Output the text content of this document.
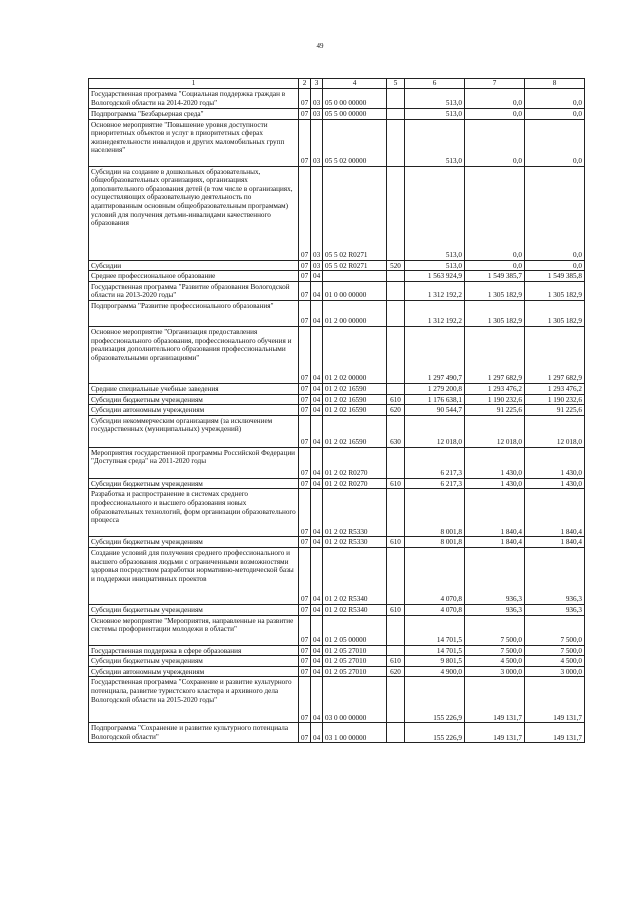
49
1	2	3	4	5	6	7	8
Государственная программа "Социальная поддержка граждан в Вологодской области на 2014-2020 годы"	07	03	05 0 00 00000		513,0	0,0	0,0
Подпрограмма "Безбарьерная среда"	07	03	05 5 00 00000		513,0	0,0	0,0
Основное мероприятие "Повышение уровня доступности приоритетных объектов и услуг в приоритетных сферах жизнедеятельности инвалидов и других маломобильных групп населения"	07	03	05 5 02 00000		513,0	0,0	0,0
Субсидии на создание в дошкольных образовательных, общеобразовательных организациях, организациях дополнительного образования детей (в том числе в организациях, осуществляющих образовательную деятельность по адаптированным основным общеобразовательным программам) условий для получения детьми-инвалидами качественного образования	07	03	05 5 02 R0271		513,0	0,0	0,0
Субсидии	07	03	05 5 02 R0271	520	513,0	0,0	0,0
Среднее профессиональное образование	07	04			1 563 924,9	1 549 385,7	1 549 385,8
Государственная программа "Развитие образования Вологодской области на 2013-2020 годы"	07	04	01 0 00 00000		1 312 192,2	1 305 182,9	1 305 182,9
Подпрограмма "Развитие профессионального образования"	07	04	01 2 00 00000		1 312 192,2	1 305 182,9	1 305 182,9
Основное мероприятие "Организация предоставления профессионального образования, профессионального обучения и реализация дополнительного образования профессиональными образовательными организациями"	07	04	01 2 02 00000		1 297 490,7	1 297 682,9	1 297 682,9
Средние специальные учебные заведения	07	04	01 2 02 16590		1 279 200,8	1 293 476,2	1 293 476,2
Субсидии бюджетным учреждениям	07	04	01 2 02 16590	610	1 176 638,1	1 190 232,6	1 190 232,6
Субсидии автономным учреждениям	07	04	01 2 02 16590	620	90 544,7	91 225,6	91 225,6
Субсидии некоммерческим организациям (за исключением государственных (муниципальных) учреждений)	07	04	01 2 02 16590	630	12 018,0	12 018,0	12 018,0
Мероприятия государственной программы Российской Федерации "Доступная среда" на 2011-2020 годы	07	04	01 2 02 R0270		6 217,3	1 430,0	1 430,0
Субсидии бюджетным учреждениям	07	04	01 2 02 R0270	610	6 217,3	1 430,0	1 430,0
Разработка и распространение в системах среднего профессионального и высшего образования новых образовательных технологий, форм организации образовательного процесса	07	04	01 2 02 R5330		8 001,8	1 840,4	1 840,4
Субсидии бюджетным учреждениям	07	04	01 2 02 R5330	610	8 001,8	1 840,4	1 840,4
Создание условий для получения среднего профессионального и высшего образования людьми с ограниченными возможностями здоровья посредством разработки нормативно-методической базы и поддержки инициативных проектов	07	04	01 2 02 R5340		4 070,8	936,3	936,3
Субсидии бюджетным учреждениям	07	04	01 2 02 R5340	610	4 070,8	936,3	936,3
Основное мероприятие "Мероприятия, направленные на развитие системы профориентации молодежи в области"	07	04	01 2 05 00000		14 701,5	7 500,0	7 500,0
Государственная поддержка в сфере образования	07	04	01 2 05 27010		14 701,5	7 500,0	7 500,0
Субсидии бюджетным учреждениям	07	04	01 2 05 27010	610	9 801,5	4 500,0	4 500,0
Субсидии автономным учреждениям	07	04	01 2 05 27010	620	4 900,0	3 000,0	3 000,0
Государственная программа "Сохранение и развитие культурного потенциала, развитие туристского кластера и архивного дела Вологодской области на 2015-2020 годы"	07	04	03 0 00 00000		155 226,9	149 131,7	149 131,7
Подпрограмма "Сохранение и развитие культурного потенциала Вологодской области"	07	04	03 1 00 00000		155 226,9	149 131,7	149 131,7
